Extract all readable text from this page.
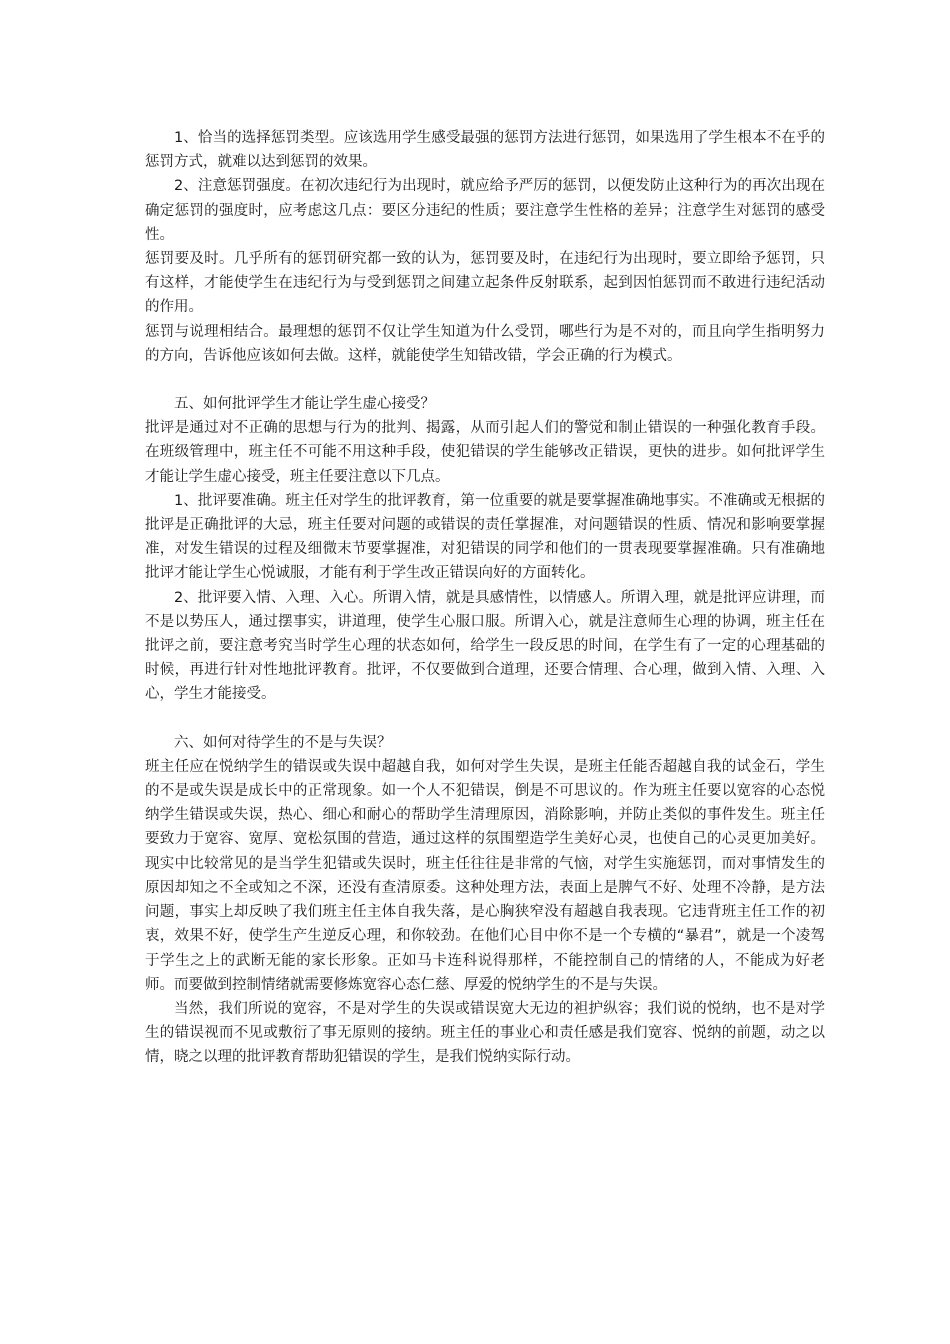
1、恰当的选择惩罚类型。应该选用学生感受最强的惩罚方法进行惩罚，如果选用了学生根本不在乎的惩罚方式，就难以达到惩罚的效果。

2、注意惩罚强度。在初次违纪行为出现时，就应给予严厉的惩罚，以便发防止这种行为的再次出现在确定惩罚的强度时，应考虑这几点：要区分违纪的性质；要注意学生性格的差异；注意学生对惩罚的感受性。

惩罚要及时。几乎所有的惩罚研究都一致的认为，惩罚要及时，在违纪行为出现时，要立即给予惩罚，只有这样，才能使学生在违纪行为与受到惩罚之间建立起条件反射联系，起到因怕惩罚而不敢进行违纪活动的作用。

惩罚与说理相结合。最理想的惩罚不仅让学生知道为什么受罚，哪些行为是不对的，而且向学生指明努力的方向，告诉他应该如何去做。这样，就能使学生知错改错，学会正确的行为模式。

五、如何批评学生才能让学生虚心接受？

批评是通过对不正确的思想与行为的批判、揭露，从而引起人们的警觉和制止错误的一种强化教育手段。在班级管理中，班主任不可能不用这种手段，使犯错误的学生能够改正错误，更快的进步。如何批评学生才能让学生虚心接受，班主任要注意以下几点。

1、批评要准确。班主任对学生的批评教育，第一位重要的就是要掌握准确地事实。不准确或无根据的批评是正确批评的大忌，班主任要对问题的或错误的责任掌握准，对问题错误的性质、情况和影响要掌握准，对发生错误的过程及细微末节要掌握准，对犯错误的同学和他们的一贯表现要掌握准确。只有准确地批评才能让学生心悦诚服，才能有利于学生改正错误向好的方面转化。

2、批评要入情、入理、入心。所谓入情，就是具感情性，以情感人。所谓入理，就是批评应讲理，而不是以势压人，通过摆事实，讲道理，使学生心服口服。所谓入心，就是注意师生心理的协调，班主任在批评之前，要注意考究当时学生心理的状态如何，给学生一段反思的时间，在学生有了一定的心理基础的时候，再进行针对性地批评教育。批评，不仅要做到合道理，还要合情理、合心理，做到入情、入理、入心，学生才能接受。

六、如何对待学生的不是与失误？

班主任应在悦纳学生的错误或失误中超越自我，如何对学生失误，是班主任能否超越自我的试金石，学生的不是或失误是成长中的正常现象。如一个人不犯错误，倒是不可思议的。作为班主任要以宽容的心态悦纳学生错误或失误，热心、细心和耐心的帮助学生清理原因，消除影响，并防止类似的事件发生。班主任要致力于宽容、宽厚、宽松氛围的营造，通过这样的氛围塑造学生美好心灵，也使自己的心灵更加美好。现实中比较常见的是当学生犯错或失误时，班主任往往是非常的气恼，对学生实施惩罚，而对事情发生的原因却知之不全或知之不深，还没有查清原委。这种处理方法，表面上是脾气不好、处理不冷静，是方法问题，事实上却反映了我们班主任主体自我失落，是心胸狭窄没有超越自我表现。它违背班主任工作的初衷，效果不好，使学生产生逆反心理，和你较劲。在他们心目中你不是一个专横的“暴君”，就是一个凌驾于学生之上的武断无能的家长形象。正如马卡连科说得那样，不能控制自己的情绪的人，不能成为好老师。而要做到控制情绪就需要修炼宽容心态仁慈、厚爱的悦纳学生的不是与失误。

当然，我们所说的宽容，不是对学生的失误或错误宽大无边的袒护纵容；我们说的悦纳，也不是对学生的错误视而不见或敷衍了事无原则的接纳。班主任的事业心和责任感是我们宽容、悦纳的前题，动之以情，晓之以理的批评教育帮助犯错误的学生，是我们悦纳实际行动。
